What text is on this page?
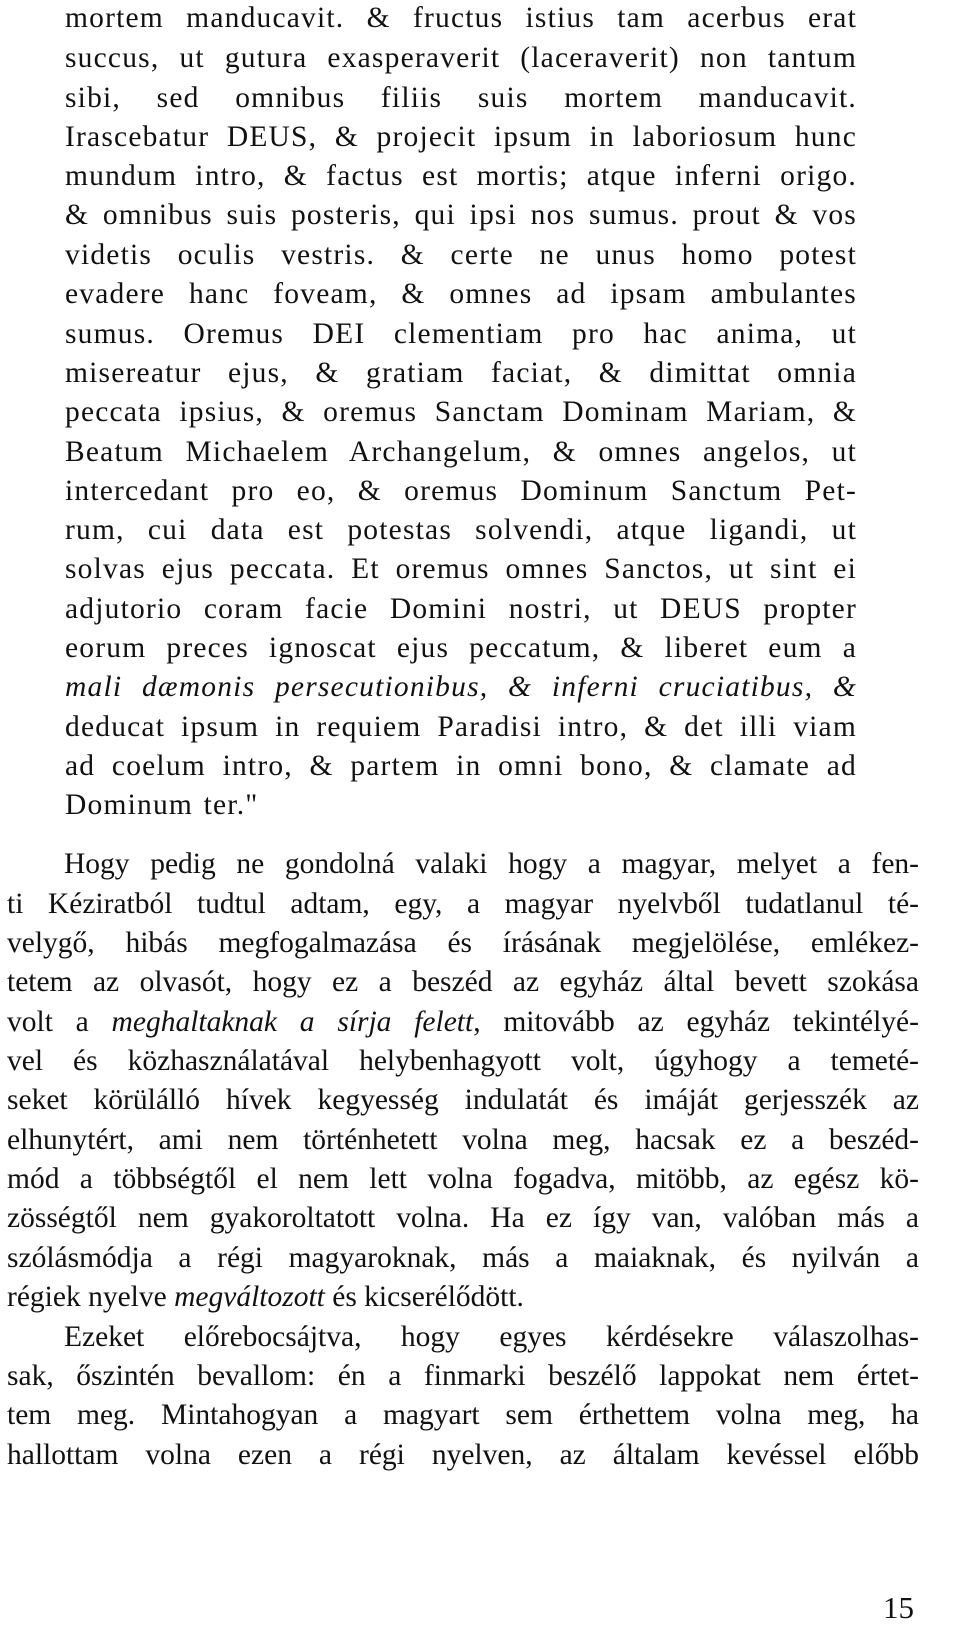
mortem manducavit. & fructus istius tam acerbus erat
succus, ut gutura exasperaverit (laceraverit) non tantum
sibi, sed omnibus filiis suis mortem manducavit.
Irascebatur DEUS, & projecit ipsum in laboriosum hunc
mundum intro, & factus est mortis; atque inferni origo.
& omnibus suis posteris, qui ipsi nos sumus. prout & vos
videtis oculis vestris. & certe ne unus homo potest
evadere hanc foveam, & omnes ad ipsam ambulantes
sumus. Oremus DEI clementiam pro hac anima, ut
misereatur ejus, & gratiam faciat, & dimittat omnia
peccata ipsius, & oremus Sanctam Dominam Mariam, &
Beatum Michaelem Archangelum, & omnes angelos, ut
intercedant pro eo, & oremus Dominum Sanctum Pet-
rum, cui data est potestas solvendi, atque ligandi, ut
solvas ejus peccata. Et oremus omnes Sanctos, ut sint ei
adjutorio coram facie Domini nostri, ut DEUS propter
eorum preces ignoscat ejus peccatum, & liberet eum a
mali dæmonis persecutionibus, & inferni cruciatibus, &
deducat ipsum in requiem Paradisi intro, & det illi viam
ad coelum intro, & partem in omni bono, & clamate ad
Dominum ter."
Hogy pedig ne gondolná valaki hogy a magyar, melyet a fen-
ti Kéziratból tudtul adtam, egy, a magyar nyelvből tudatlanul té-
velygő, hibás megfogalmazása és írásának megjelölése, emlékez-
tetem az olvasót, hogy ez a beszéd az egyház által bevett szokása
volt a meghaltaknak a sírja felett, mitovább az egyház tekintélyé-
vel és közhasználatával helybenhagyott volt, úgyhogy a temeté-
seket körülálló hívek kegyesség indulatát és imáját gerjesszék az
elhunytért, ami nem történhetett volna meg, hacsak ez a beszéd-
mód a többségtől el nem lett volna fogadva, mitöbb, az egész kö-
zösségtől nem gyakoroltatott volna. Ha ez így van, valóban más a
szólásmódja a régi magyaroknak, más a maiaknak, és nyilván a
régiek nyelve megváltozott és kicserélődött.
Ezeket előrebocsájtva, hogy egyes kérdésekre válaszolhas-
sak, őszintén bevallom: én a finmarki beszélő lappokat nem értet-
tem meg. Mintahogyan a magyart sem érthettem volna meg, ha
hallottam volna ezen a régi nyelven, az általam kevéssel előbb
15
